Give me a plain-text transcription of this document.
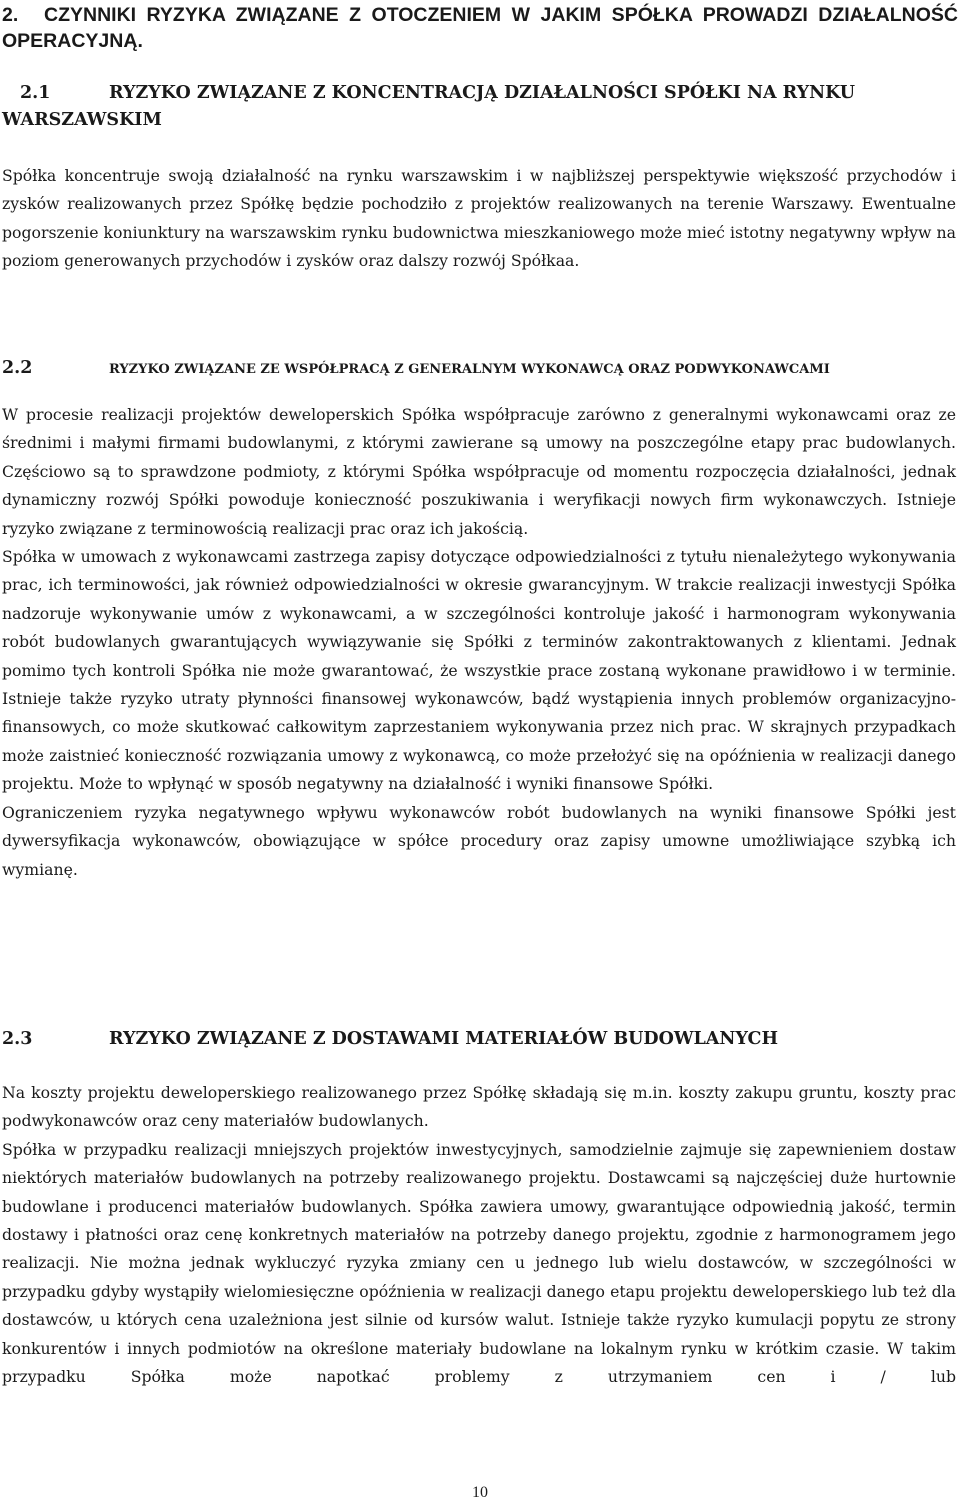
2. CZYNNIKI RYZYKA ZWIĄZANE Z OTOCZENIEM W JAKIM SPÓŁKA PROWADZI DZIAŁALNOŚĆ OPERACYJNĄ.
2.1	RYZYKO ZWIĄZANE Z KONCENTRACJĄ DZIAŁALNOŚCI SPÓŁKI NA RYNKU WARSZAWSKIM

Spółka koncentruje swoją działalność na rynku warszawskim i w najbliższej perspektywie większość przychodów i zysków realizowanych przez Spółkę będzie pochodziło z projektów realizowanych na terenie Warszawy. Ewentualne pogorszenie koniunktury na warszawskim rynku budownictwa mieszkaniowego może mieć istotny negatywny wpływ na poziom generowanych przychodów i zysków oraz dalszy rozwój Spółkaa.

2.2	RYZYKO ZWIĄZANE ZE WSPÓŁPRACĄ Z GENERALNYM WYKONAWCĄ ORAZ PODWYKONAWCAMI

W procesie realizacji projektów deweloperskich Spółka współpracuje zarówno z generalnymi wykonawcami oraz ze średnimi i małymi firmami budowlanymi, z którymi zawierane są umowy na poszczególne etapy prac budowlanych. Częściowo są to sprawdzone podmioty, z którymi Spółka współpracuje od momentu rozpoczęcia działalności, jednak dynamiczny rozwój Spółki powoduje konieczność poszukiwania i weryfikacji nowych firm wykonawczych. Istnieje ryzyko związane z terminowością realizacji prac oraz ich jakością.

Spółka w umowach z wykonawcami zastrzega zapisy dotyczące odpowiedzialności z tytułu nienależytego wykonywania prac, ich terminowości, jak również odpowiedzialności w okresie gwarancyjnym. W trakcie realizacji inwestycji Spółka nadzoruje wykonywanie umów z wykonawcami, a w szczególności kontroluje jakość i harmonogram wykonywania robót budowlanych gwarantujących wywiązywanie się Spółki z terminów zakontraktowanych z klientami. Jednak pomimo tych kontroli Spółka nie może gwarantować, że wszystkie prace zostaną wykonane prawidłowo i w terminie. Istnieje także ryzyko utraty płynności finansowej wykonawców, bądź wystąpienia innych problemów organizacyjno-finansowych, co może skutkować całkowitym zaprzestaniem wykonywania przez nich prac. W skrajnych przypadkach może zaistnieć konieczność rozwiązania umowy z wykonawcą, co może przełożyć się na opóźnienia w realizacji danego projektu. Może to wpłynąć w sposób negatywny na działalność i wyniki finansowe Spółki.

Ograniczeniem ryzyka negatywnego wpływu wykonawców robót budowlanych na wyniki finansowe Spółki jest dywersyfikacja wykonawców, obowiązujące w spółce procedury oraz zapisy umowne umożliwiające szybką ich wymianę.

2.3	RYZYKO ZWIĄZANE Z DOSTAWAMI MATERIAŁÓW BUDOWLANYCH

Na koszty projektu deweloperskiego realizowanego przez Spółkę składają się m.in. koszty zakupu gruntu, koszty prac podwykonawców oraz ceny materiałów budowlanych.

Spółka w przypadku realizacji mniejszych projektów inwestycyjnych, samodzielnie zajmuje się zapewnieniem dostaw niektórych materiałów budowlanych na potrzeby realizowanego projektu. Dostawcami są najczęściej duże hurtownie budowlane i producenci materiałów budowlanych. Spółka zawiera umowy, gwarantujące odpowiednią jakość, termin dostawy i płatności oraz cenę konkretnych materiałów na potrzeby danego projektu, zgodnie z harmonogramem jego realizacji. Nie można jednak wykluczyć ryzyka zmiany cen u jednego lub wielu dostawców, w szczególności w przypadku gdyby wystąpiły wielomiesięczne opóźnienia w realizacji danego etapu projektu deweloperskiego lub też dla dostawców, u których cena uzależniona jest silnie od kursów walut. Istnieje także ryzyko kumulacji popytu ze strony konkurentów i innych podmiotów na określone materiały budowlane na lokalnym rynku w krótkim czasie. W takim przypadku Spółka może napotkać problemy z utrzymaniem cen i / lub

10
